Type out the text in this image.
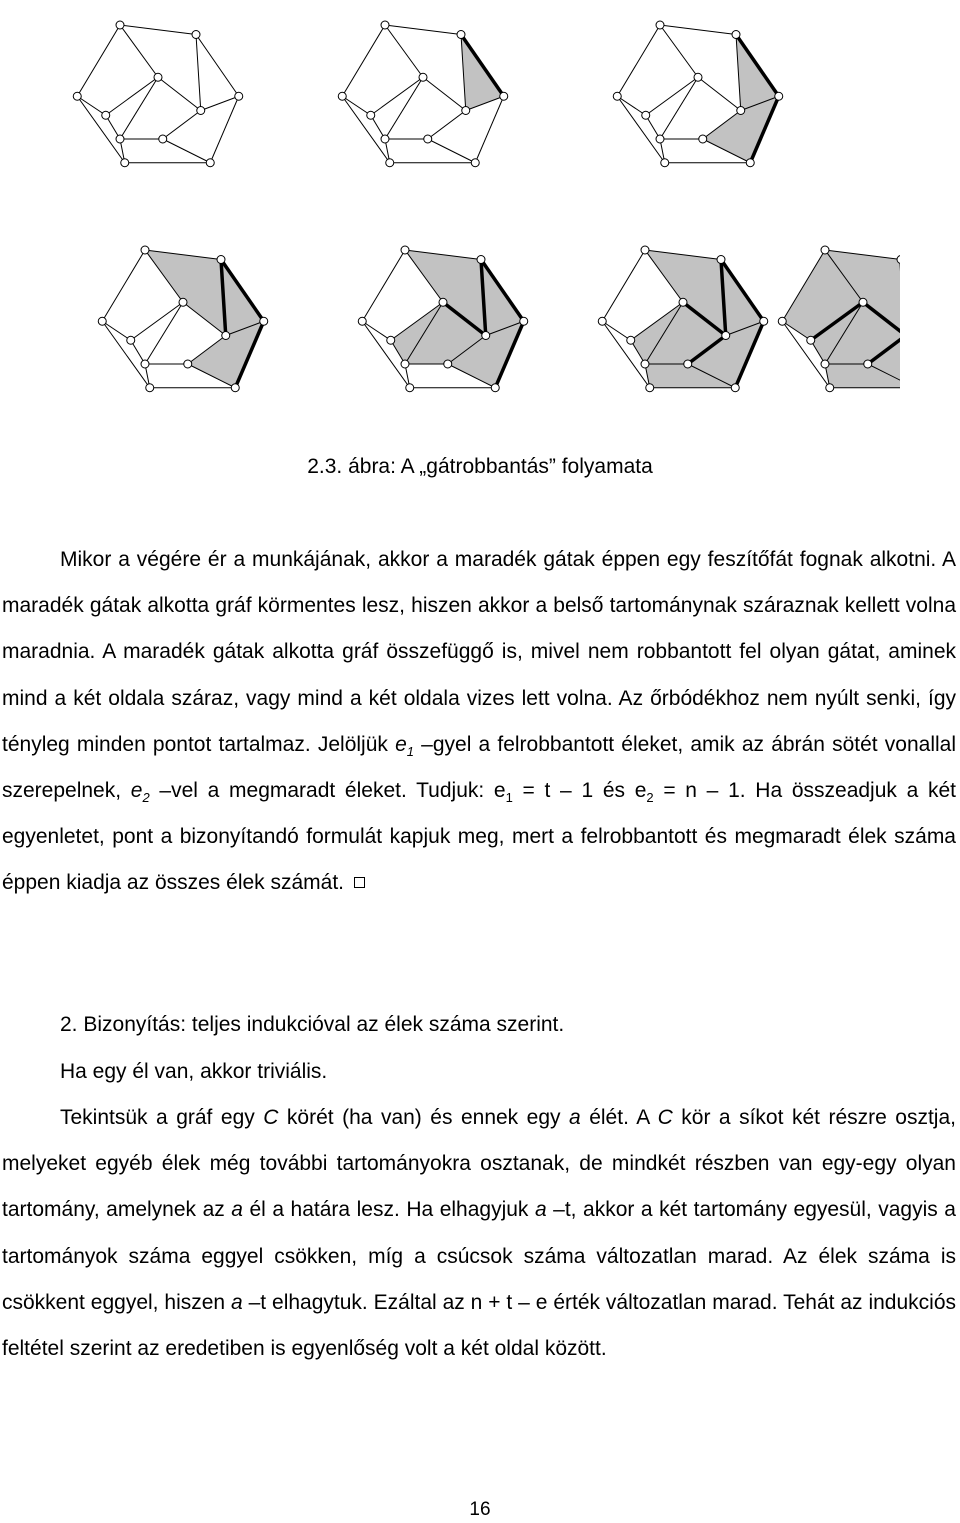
2.3. ábra: A „gátrobbantás” folyamata

Mikor a végére ér a munkájának, akkor a maradék gátak éppen egy feszítőfát fognak alkotni. A maradék gátak alkotta gráf körmentes lesz, hiszen akkor a belső tartománynak száraznak kellett volna maradnia. A maradék gátak alkotta gráf összefüggő is, mivel nem robbantott fel olyan gátat, aminek mind a két oldala száraz, vagy mind a két oldala vizes lett volna. Az őrbódékhoz nem nyúlt senki, így tényleg minden pontot tartalmaz. Jelöljük $e_1$ –gyel a felrobbantott éleket, amik az ábrán sötét vonallal szerepelnek, $e_2$ –vel a megmaradt éleket. Tudjuk: $e_1 = t - 1$ és $e_2 = n - 1$. Ha összeadjuk a két egyenletet, pont a bizonyítandó formulát kapjuk meg, mert a felrobbantott és megmaradt élek száma éppen kiadja az összes élek számát.

2. Bizonyítás: teljes indukcióval az élek száma szerint.
Ha egy él van, akkor triviális.

Tekintsük a gráf egy C körét (ha van) és ennek egy a élét. A C kör a síkot két részre osztja, melyeket egyéb élek még további tartományokra osztanak, de mindkét részben van egy-egy olyan tartomány, amelynek az a él a határa lesz. Ha elhagyjuk a –t, akkor a két tartomány egyesül, vagyis a tartományok száma eggyel csökken, míg a csúcsok száma változatlan marad. Az élek száma is csökkent eggyel, hiszen a –t elhagytuk. Ezáltal az n + t – e érték változatlan marad. Tehát az indukciós feltétel szerint az eredetiben is egyenlőség volt a két oldal között.

16
